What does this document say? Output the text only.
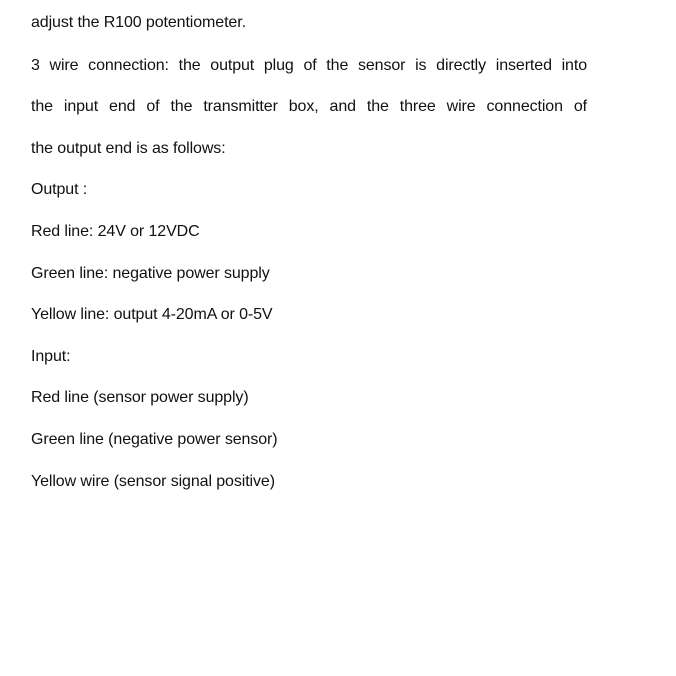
adjust the R100 potentiometer.
3 wire connection: the output plug of the sensor is directly inserted into
the input end of the transmitter box, and the three wire connection of
the output end is as follows:
Output :
Red line: 24V or 12VDC
Green line: negative power supply
Yellow line: output 4-20mA or 0-5V
Input:
Red line (sensor power supply)
Green line (negative power sensor)
Yellow wire (sensor signal positive)
